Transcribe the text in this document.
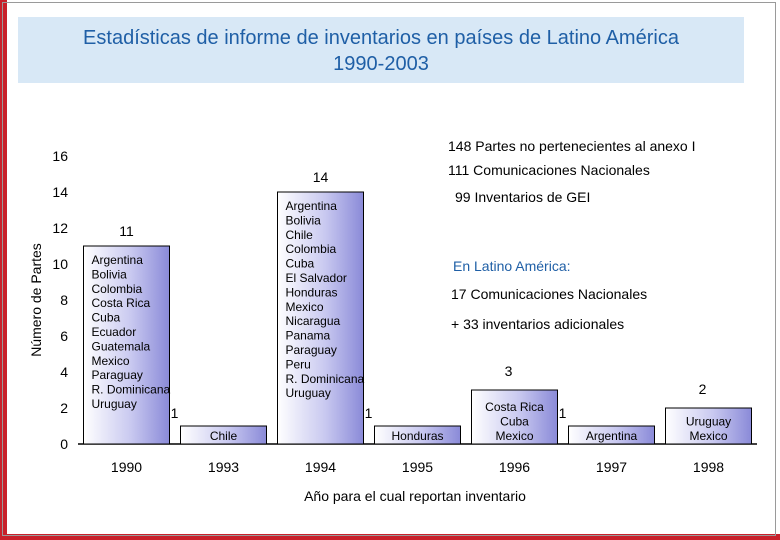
Estadísticas de informe de inventarios en países de Latino América
1990-2003
0
2
4
6
8
10
12
14
16
1990
11
Argentina
Bolivia
Colombia
Costa Rica
Cuba
Ecuador
Guatemala
Mexico
Paraguay
R. Dominicana
Uruguay
1993
1
Chile
1994
14
Argentina
Bolivia
Chile
Colombia
Cuba
El Salvador
Honduras
Mexico
Nicaragua
Panama
Paraguay
Peru
R. Dominicana
Uruguay
1995
1
Honduras
1996
3
Costa Rica
Cuba
Mexico
1997
1
Argentina
1998
2
Uruguay
Mexico
Año para el cual reportan inventario
148 Partes no pertenecientes al anexo I
111 Comunicaciones Nacionales
99 Inventarios de GEI
En Latino América:
17 Comunicaciones Nacionales
+ 33 inventarios adicionales
Número de Partes
